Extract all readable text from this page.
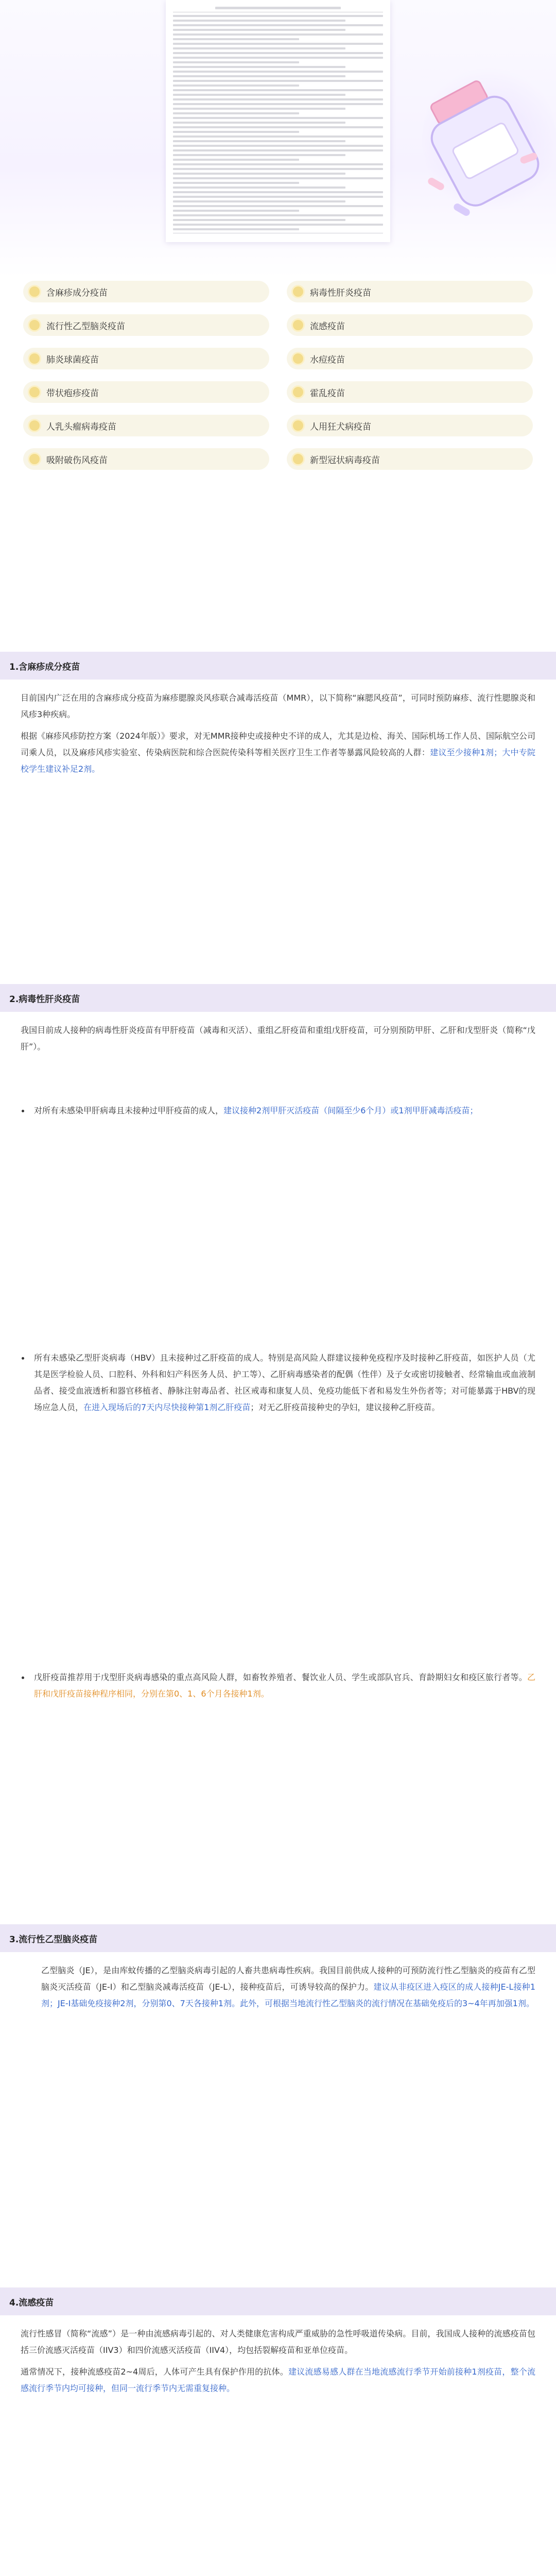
含麻疹成分疫苗	病毒性肝炎疫苗
流行性乙型脑炎疫苗	流感疫苗
肺炎球菌疫苗	水痘疫苗
带状疱疹疫苗	霍乱疫苗
人乳头瘤病毒疫苗	人用狂犬病疫苗
吸附破伤风疫苗	新型冠状病毒疫苗
1.含麻疹成分疫苗

目前国内广泛在用的含麻疹成分疫苗为麻疹腮腺炎风疹联合减毒活疫苗（MMR），以下简称“麻腮风疫苗”，可同时预防麻疹、流行性腮腺炎和风疹3种疾病。

根据《麻疹风疹防控方案（2024年版）》要求，对无MMR接种史或接种史不详的成人，尤其是边检、海关、国际机场工作人员、国际航空公司司乘人员，以及麻疹风疹实验室、传染病医院和综合医院传染科等相关医疗卫生工作者等暴露风险较高的人群：建议至少接种1剂；大中专院校学生建议补足2剂。

2.病毒性肝炎疫苗

我国目前成人接种的病毒性肝炎疫苗有甲肝疫苗（减毒和灭活）、重组乙肝疫苗和重组戊肝疫苗，可分别预防甲肝、乙肝和戊型肝炎（简称“戊肝”）。

对所有未感染甲肝病毒且未接种过甲肝疫苗的成人，建议接种2剂甲肝灭活疫苗（间隔至少6个月）或1剂甲肝减毒活疫苗；
所有未感染乙型肝炎病毒（HBV）且未接种过乙肝疫苗的成人。特别是高风险人群建议接种免疫程序及时接种乙肝疫苗，如医护人员（尤其是医学检验人员、口腔科、外科和妇产科医务人员、护工等）、乙肝病毒感染者的配偶（性伴）及子女或密切接触者、经常输血或血液制品者、接受血液透析和器官移植者、静脉注射毒品者、社区戒毒和康复人员、免疫功能低下者和易发生外伤者等；对可能暴露于HBV的现场应急人员，在进入现场后的7天内尽快接种第1剂乙肝疫苗；对无乙肝疫苗接种史的孕妇，建议接种乙肝疫苗。
戊肝疫苗推荐用于戊型肝炎病毒感染的重点高风险人群，如畜牧养殖者、餐饮业人员、学生或部队官兵、育龄期妇女和疫区旅行者等。乙肝和戊肝疫苗接种程序相同，分别在第0、1、6个月各接种1剂。
3.流行性乙型脑炎疫苗

乙型脑炎（JE），是由库蚊传播的乙型脑炎病毒引起的人畜共患病毒性疾病。我国目前供成人接种的可预防流行性乙型脑炎的疫苗有乙型脑炎灭活疫苗（JE-I）和乙型脑炎减毒活疫苗（JE-L），接种疫苗后，可诱导较高的保护力。建议从非疫区进入疫区的成人接种JE-L接种1剂；JE-I基础免疫接种2剂，分别第0、7天各接种1剂。此外，可根据当地流行性乙型脑炎的流行情况在基础免疫后的3~4年再加强1剂。

4.流感疫苗

流行性感冒（简称“流感”）是一种由流感病毒引起的、对人类健康危害构成严重威胁的急性呼吸道传染病。目前，我国成人接种的流感疫苗包括三价流感灭活疫苗（IIV3）和四价流感灭活疫苗（IIV4），均包括裂解疫苗和亚单位疫苗。

通常情况下，接种流感疫苗2~4周后，人体可产生具有保护作用的抗体。建议流感易感人群在当地流感流行季节开始前接种1剂疫苗，整个流感流行季节内均可接种，但同一流行季节内无需重复接种。
